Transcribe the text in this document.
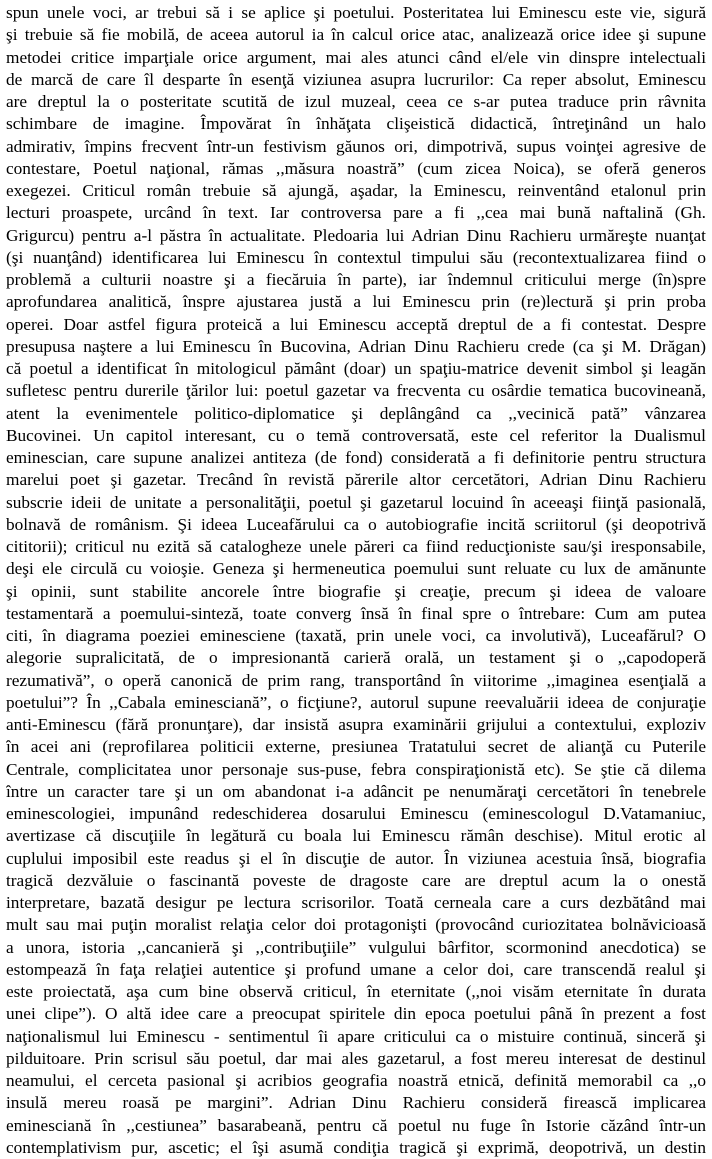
spun unele voci, ar trebui să i se aplice şi poetului. Posteritatea lui Eminescu este vie, sigură
şi trebuie să fie mobilă, de aceea autorul ia în calcul orice atac, analizează orice idee şi supune
metodei critice imparţiale orice argument, mai ales atunci când el/ele vin dinspre intelectuali
de marcă de care îl desparte în esenţă viziunea asupra lucrurilor: Ca reper absolut, Eminescu
are dreptul la o posteritate scutită de izul muzeal, ceea ce s-ar putea traduce prin râvnita
schimbare de imagine. Împovărat în înhăţata clişeistică didactică, întreţinând un halo
admirativ, împins frecvent într-un festivism găunos ori, dimpotrivă, supus voinţei agresive de
contestare, Poetul naţional, rămas ,,măsura noastră” (cum zicea Noica), se oferă generos
exegezei. Criticul român trebuie să ajungă, aşadar, la Eminescu, reinventând etalonul prin
lecturi proaspete, urcând în text. Iar controversa pare a fi ,,cea mai bună naftalină (Gh.
Grigurcu) pentru a-l păstra în actualitate. Pledoaria lui Adrian Dinu Rachieru urmăreşte nuanţat
(şi nuanţând) identificarea lui Eminescu în contextul timpului său (recontextualizarea fiind o
problemă a culturii noastre şi a fiecăruia în parte), iar îndemnul criticului merge (în)spre
aprofundarea analitică, înspre ajustarea justă a lui Eminescu prin (re)lectură şi prin proba
operei. Doar astfel figura proteică a lui Eminescu acceptă dreptul de a fi contestat. Despre
presupusa naştere a lui Eminescu în Bucovina, Adrian Dinu Rachieru crede (ca şi M. Drăgan)
că poetul a identificat în mitologicul pământ (doar) un spaţiu-matrice devenit simbol şi leagăn
sufletesc pentru durerile ţărilor lui: poetul gazetar va frecventa cu osârdie tematica bucovineană,
atent la evenimentele politico-diplomatice şi deplângând ca ,,vecinică pată” vânzarea
Bucovinei. Un capitol interesant, cu o temă controversată, este cel referitor la Dualismul
eminescian, care supune analizei antiteza (de fond) considerată a fi definitorie pentru structura
marelui poet şi gazetar. Trecând în revistă părerile altor cercetători, Adrian Dinu Rachieru
subscrie ideii de unitate a personalităţii, poetul şi gazetarul locuind în aceeaşi fiinţă pasională,
bolnavă de românism. Şi ideea Luceafărului ca o autobiografie incită scriitorul (şi deopotrivă
cititorii); criticul nu ezită să catalogheze unele păreri ca fiind reducţioniste sau/şi iresponsabile,
deşi ele circulă cu voioşie. Geneza şi hermeneutica poemului sunt reluate cu lux de amănunte
şi opinii, sunt stabilite ancorele între biografie şi creaţie, precum şi ideea de valoare
testamentară a poemului-sinteză, toate converg însă în final spre o întrebare: Cum am putea
citi, în diagrama poeziei eminesciene (taxată, prin unele voci, ca involutivă), Luceafărul? O
alegorie supralicitată, de o impresionantă carieră orală, un testament şi o ,,capodoperă
rezumativă”, o operă canonică de prim rang, transportând în viitorime ,,imaginea esenţială a
poetului”? În ,,Cabala eminesciană”, o ficţiune?, autorul supune reevaluării ideea de conjuraţie
anti-Eminescu (fără pronunţare), dar insistă asupra examinării grijului a contextului, exploziv
în acei ani (reprofilarea politicii externe, presiunea Tratatului secret de alianţă cu Puterile
Centrale, complicitatea unor personaje sus-puse, febra conspiraţionistă etc). Se ştie că dilema
între un caracter tare şi un om abandonat i-a adâncit pe nenumăraţi cercetători în tenebrele
eminescologiei, impunând redeschiderea dosarului Eminescu (eminescologul D.Vatamaniuc,
avertizase că discuţiile în legătură cu boala lui Eminescu rămân deschise). Mitul erotic al
cuplului imposibil este readus şi el în discuţie de autor. În viziunea acestuia însă, biografia
tragică dezvăluie o fascinantă poveste de dragoste care are dreptul acum la o onestă
interpretare, bazată desigur pe lectura scrisorilor. Toată cerneala care a curs dezbătând mai
mult sau mai puţin moralist relaţia celor doi protagonişti (provocând curiozitatea bolnăvicioasă
a unora, istoria ,,cancanieră şi ,,contribuţiile” vulgului bârfitor, scormonind anecdotica) se
estompează în faţa relaţiei autentice şi profund umane a celor doi, care transcendă realul şi
este proiectată, aşa cum bine observă criticul, în eternitate (,,noi visăm eternitate în durata
unei clipe”). O altă idee care a preocupat spiritele din epoca poetului până în prezent a fost
naţionalismul lui Eminescu - sentimentul îi apare criticului ca o mistuire continuă, sinceră şi
pilduitoare. Prin scrisul său poetul, dar mai ales gazetarul, a fost mereu interesat de destinul
neamului, el cerceta pasional şi acribios geografia noastră etnică, definită memorabil ca ,,o
insulă mereu roasă pe margini”. Adrian Dinu Rachieru consideră firească implicarea
eminesciană în ,,cestiunea” basarabeană, pentru că poetul nu fuge în Istorie căzând într-un
contemplativism pur, ascetic; el îşi asumă condiţia tragică şi exprimă, deopotrivă, un destin
